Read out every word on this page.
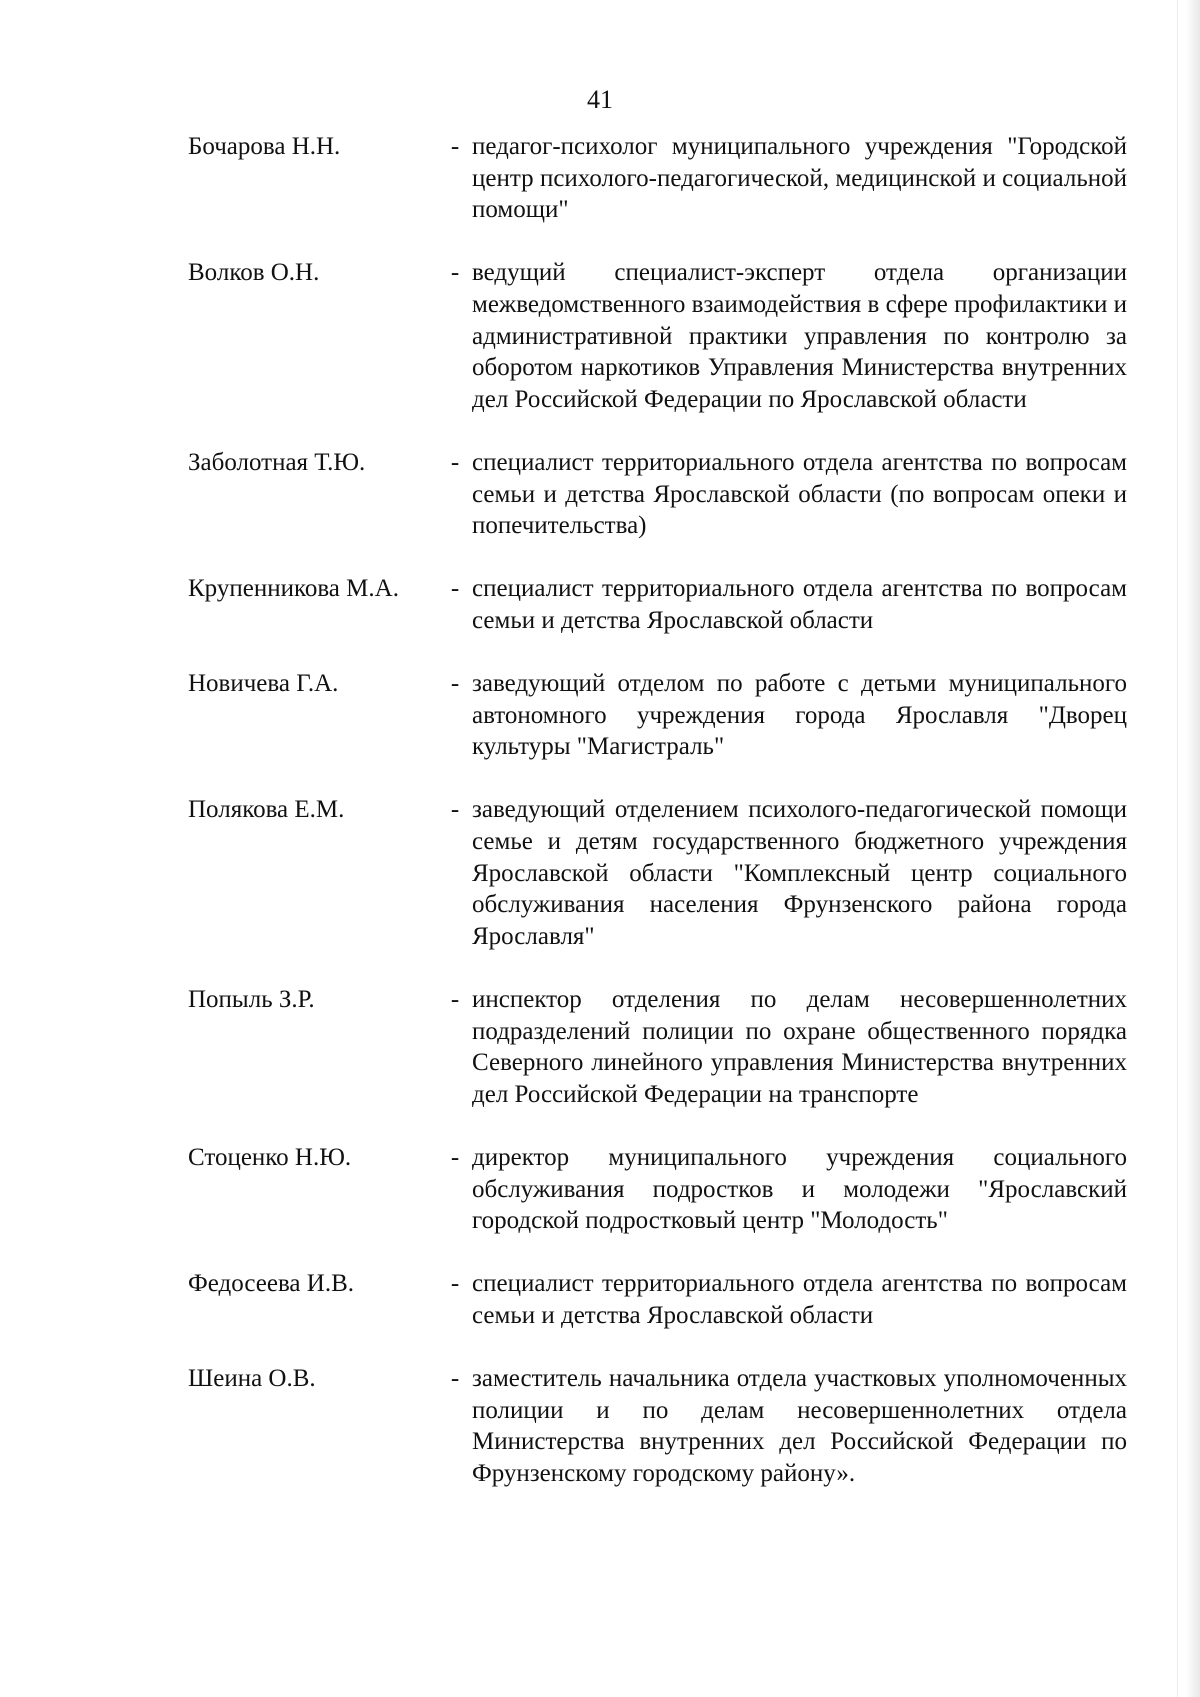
41
Бочарова Н.Н.	- педагог-психолог муниципального учреждения "Городской центр психолого-педагогической, медицинской и социальной помощи"
Волков О.Н.	- ведущий специалист-эксперт отдела организации межведомственного взаимодействия в сфере профилактики и административной практики управления по контролю за оборотом наркотиков Управления Министерства внутренних дел Российской Федерации по Ярославской области
Заболотная Т.Ю.	- специалист территориального отдела агентства по вопросам семьи и детства Ярославской области (по вопросам опеки и попечительства)
Крупенникова М.А.	- специалист территориального отдела агентства по вопросам семьи и детства Ярославской области
Новичева Г.А.	- заведующий отделом по работе с детьми муниципального автономного учреждения города Ярославля "Дворец культуры "Магистраль"
Полякова Е.М.	- заведующий отделением психолого-педагогической помощи семье и детям государственного бюджетного учреждения Ярославской области "Комплексный центр социального обслуживания населения Фрунзенского района города Ярославля"
Попыль З.Р.	- инспектор отделения по делам несовершеннолетних подразделений полиции по охране общественного порядка Северного линейного управления Министерства внутренних дел Российской Федерации на транспорте
Стоценко Н.Ю.	- директор муниципального учреждения социального обслуживания подростков и молодежи "Ярославский городской подростковый центр "Молодость"
Федосеева И.В.	- специалист территориального отдела агентства по вопросам семьи и детства Ярославской области
Шеина О.В.	- заместитель начальника отдела участковых уполномоченных полиции и по делам несовершеннолетних отдела Министерства внутренних дел Российской Федерации по Фрунзенскому городскому району».
